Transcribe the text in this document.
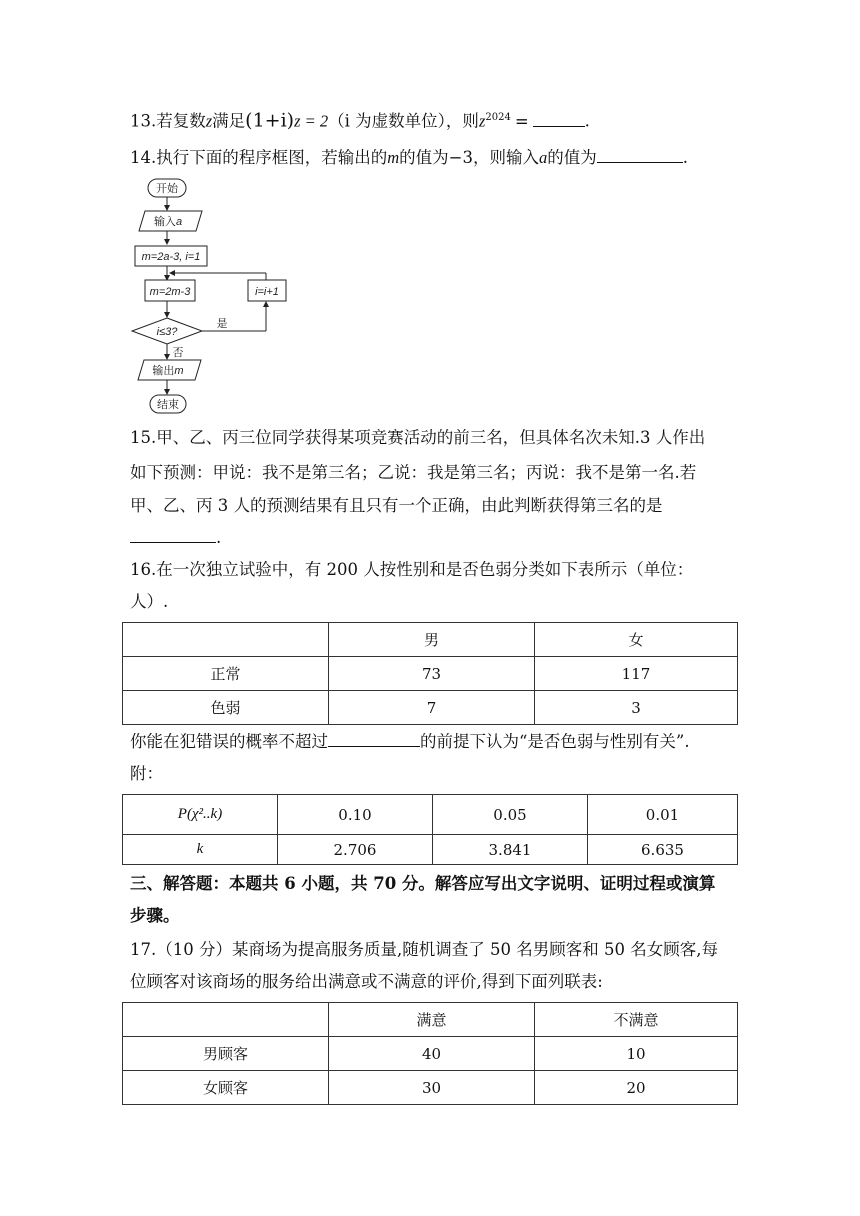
13.若复数z满足(1+i)z = 2（i 为虚数单位），则$z^{2024}$ =	.
14.执行下面的程序框图，若输出的m的值为−3，则输入a的值为	.
开始
输入a
m=2a-3, i=1
m=2m-3	i=i+1
i≤3?
是
否
输出m
结束
15.甲、乙、丙三位同学获得某项竞赛活动的前三名，但具体名次未知.3 人作出
如下预测：甲说：我不是第三名；乙说：我是第三名；丙说：我不是第一名.若
甲、乙、丙 3 人的预测结果有且只有一个正确，由此判断获得第三名的是
.
16.在一次独立试验中，有 200 人按性别和是否色弱分类如下表所示（单位：
人）.
	男	女
正常	73	117
色弱	7	3
你能在犯错误的概率不超过	的前提下认为“是否色弱与性别有关”.
附：
P(χ²..k)	0.10	0.05	0.01
k	2.706	3.841	6.635
三、解答题：本题共 6 小题，共 70 分。解答应写出文字说明、证明过程或演算
步骤。
17.（10 分）某商场为提高服务质量,随机调查了 50 名男顾客和 50 名女顾客,每
位顾客对该商场的服务给出满意或不满意的评价,得到下面列联表:
	满意	不满意
男顾客	40	10
女顾客	30	20
